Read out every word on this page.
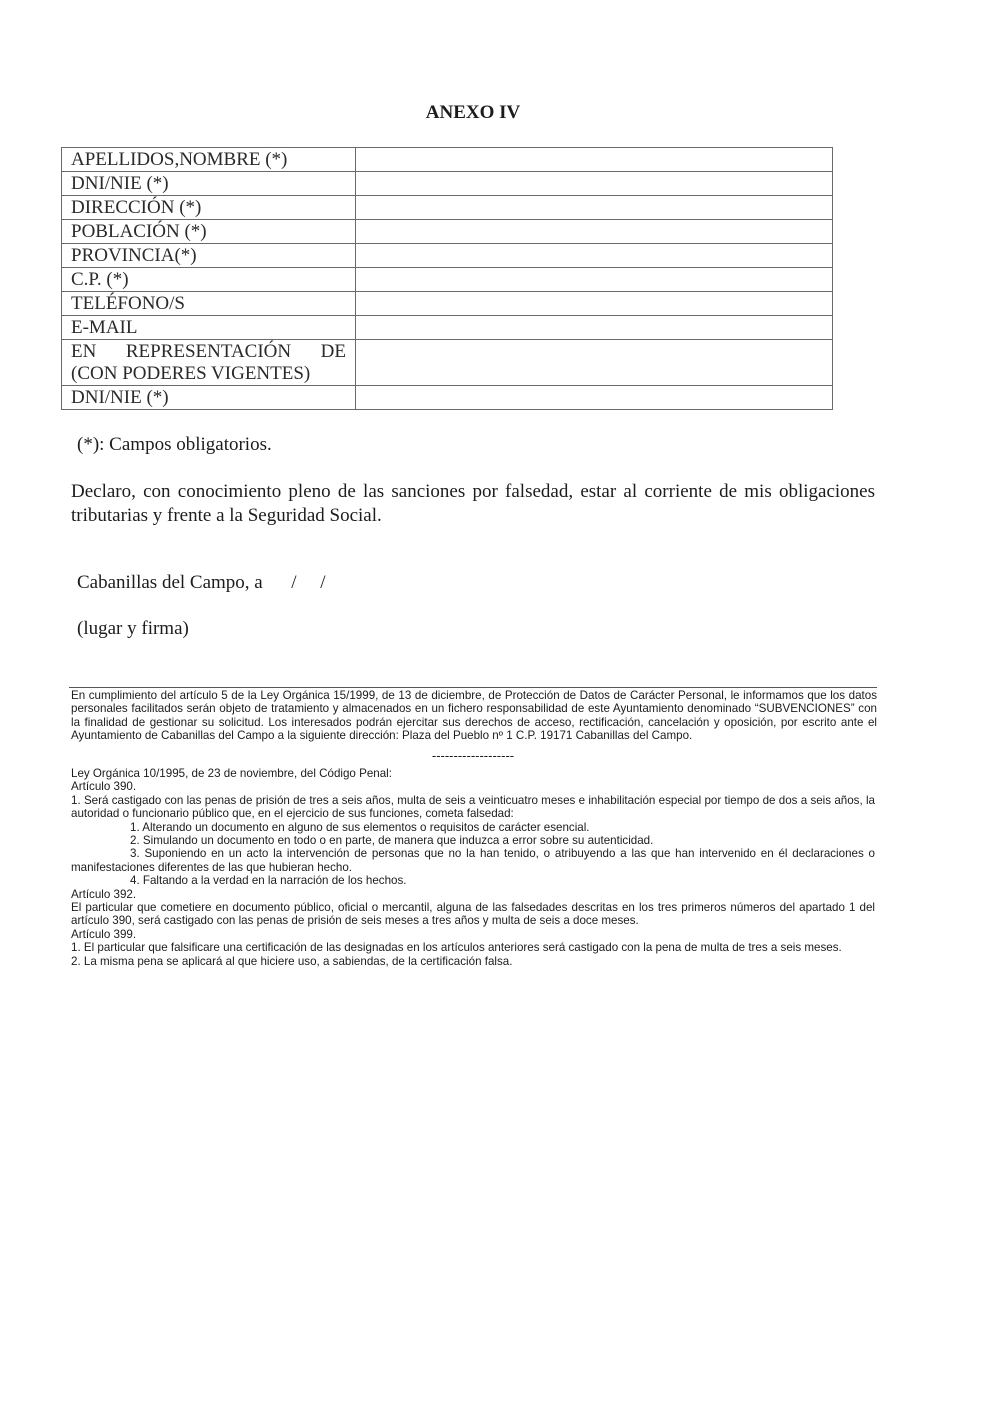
ANEXO IV
APELLIDOS,NOMBRE (*)	
DNI/NIE (*)	
DIRECCIÓN (*)	
POBLACIÓN (*)	
PROVINCIA(*)	
C.P. (*)	
TELÉFONO/S	
E-MAIL	

EN REPRESENTACIÓN DE
(CON PODERES VIGENTES)	

DNI/NIE (*)	

(*): Campos obligatorios.

Declaro, con conocimiento pleno de las sanciones por falsedad, estar al corriente de mis obligaciones tributarias y frente a la Seguridad Social.

Cabanillas del Campo, a      /     /

(lugar y firma)

En cumplimiento del artículo 5 de la Ley Orgánica 15/1999, de 13 de diciembre, de Protección de Datos de Carácter Personal, le informamos que los datos personales facilitados serán objeto de tratamiento y almacenados en un fichero responsabilidad de este Ayuntamiento denominado “SUBVENCIONES” con la finalidad de gestionar su solicitud. Los interesados podrán ejercitar sus derechos de acceso, rectificación, cancelación y oposición, por escrito ante el Ayuntamiento de Cabanillas del Campo a la siguiente dirección: Plaza del Pueblo nº 1 C.P. 19171 Cabanillas del Campo.

-------------------

Ley Orgánica 10/1995, de 23 de noviembre, del Código Penal:

Artículo 390.

1. Será castigado con las penas de prisión de tres a seis años, multa de seis a veinticuatro meses e inhabilitación especial por tiempo de dos a seis años, la autoridad o funcionario público que, en el ejercicio de sus funciones, cometa falsedad:

1. Alterando un documento en alguno de sus elementos o requisitos de carácter esencial.

2. Simulando un documento en todo o en parte, de manera que induzca a error sobre su autenticidad.

3. Suponiendo en un acto la intervención de personas que no la han tenido, o atribuyendo a las que han intervenido en él declaraciones o manifestaciones diferentes de las que hubieran hecho.

4. Faltando a la verdad en la narración de los hechos.

Artículo 392.

El particular que cometiere en documento público, oficial o mercantil, alguna de las falsedades descritas en los tres primeros números del apartado 1 del artículo 390, será castigado con las penas de prisión de seis meses a tres años y multa de seis a doce meses.

Artículo 399.

1. El particular que falsificare una certificación de las designadas en los artículos anteriores será castigado con la pena de multa de tres a seis meses.

2. La misma pena se aplicará al que hiciere uso, a sabiendas, de la certificación falsa.
